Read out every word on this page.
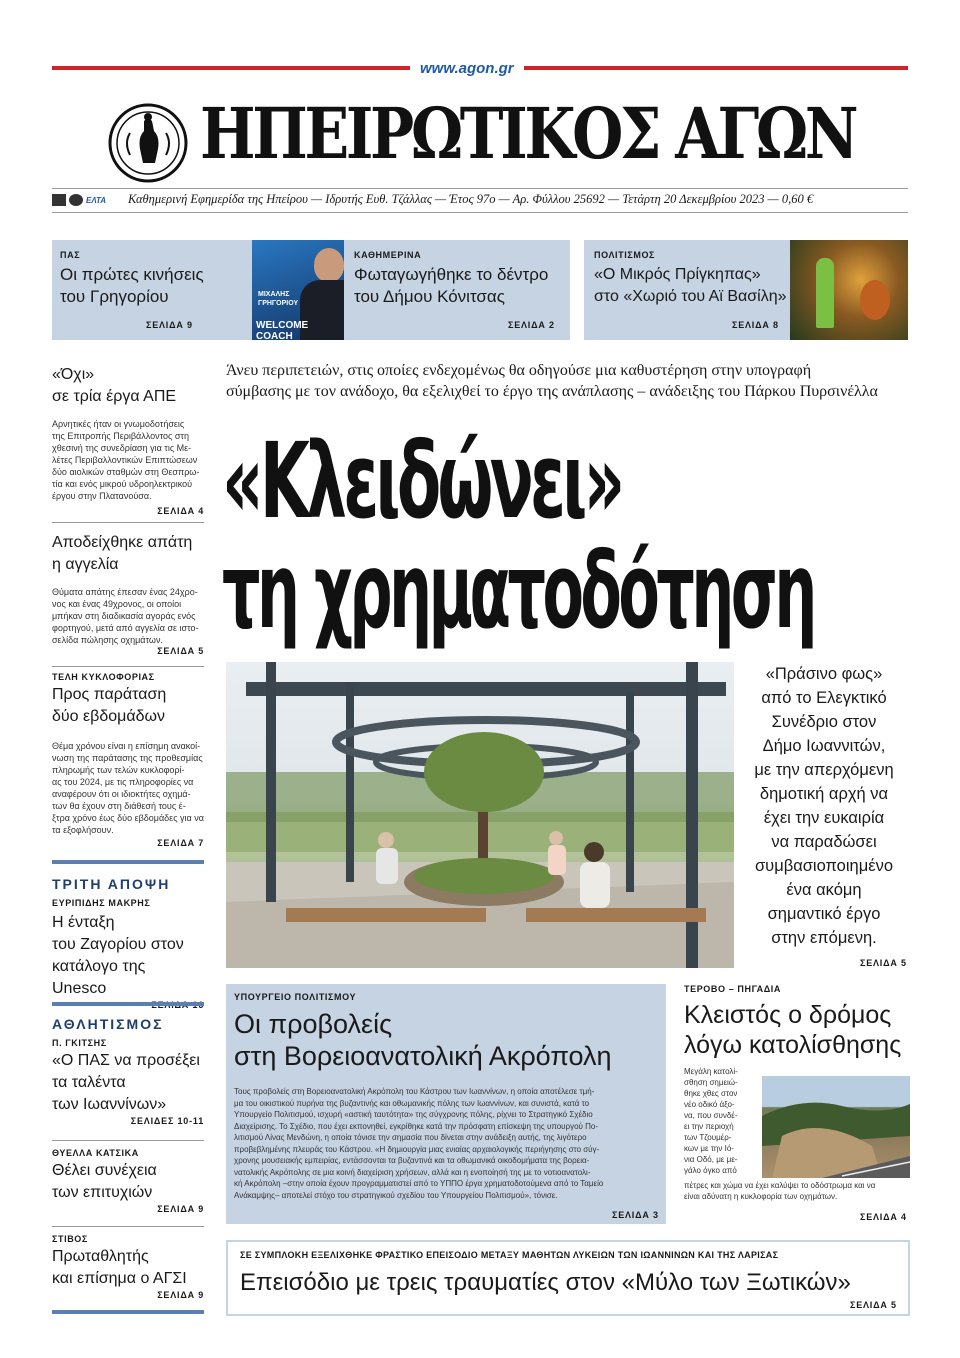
www.agon.gr
ΗΠΕΙΡΩΤΙΚΟΣ ΑΓΩΝ
ΕΛΤΑ Καθημερινή Εφημερίδα της Ηπείρου — Ιδρυτής Ευθ. Τζάλλας — Έτος 97ο — Αρ. Φύλλου 25692 — Τετάρτη 20 Δεκεμβρίου 2023 — 0,60 €
ΠΑΣ
Οι πρώτες κινήσεις
του Γρηγορίου
ΣΕΛΙΔΑ 9
ΜΙΧΑΛΗΣ ΓΡΗΓΟΡΙΟΥ
WELCOME COACH
ΚΑΘΗΜΕΡΙΝΑ
Φωταγωγήθηκε το δέντρο
του Δήμου Κόνιτσας
ΣΕΛΙΔΑ 2
ΠΟΛΙΤΙΣΜΟΣ
«Ο Μικρός Πρίγκηπας»
στο «Χωριό του Αϊ Βασίλη»
ΣΕΛΙΔΑ 8
«Όχι»
σε τρία έργα ΑΠΕ
Αρνητικές ήταν οι γνωμοδοτήσεις
της Επιτροπής Περιβάλλοντος στη
χθεσινή της συνεδρίαση για τις Με-
λέτες Περιβαλλοντικών Επιπτώσεων
δύο αιολικών σταθμών στη Θεσπρω-
τία και ενός μικρού υδροηλεκτρικού
έργου στην Πλατανούσα.
ΣΕΛΙΔΑ 4
Αποδείχθηκε απάτη
η αγγελία
Θύματα απάτης έπεσαν ένας 24χρο-
νος και ένας 49χρονος, οι οποίοι
μπήκαν στη διαδικασία αγοράς ενός
φορτηγού, μετά από αγγελία σε ιστο-
σελίδα πώλησης οχημάτων.
ΣΕΛΙΔΑ 5
ΤΕΛΗ ΚΥΚΛΟΦΟΡΙΑΣ
Προς παράταση
δύο εβδομάδων
Θέμα χρόνου είναι η επίσημη ανακοί-
νωση της παράτασης της προθεσμίας
πληρωμής των τελών κυκλοφορί-
ας του 2024, με τις πληροφορίες να
αναφέρουν ότι οι ιδιοκτήτες οχημά-
των θα έχουν στη διάθεσή τους έ-
ξτρα χρόνο έως δύο εβδομάδες για να
τα εξοφλήσουν.
ΣΕΛΙΔΑ 7
ΤΡΙΤΗ ΑΠΟΨΗ
ΕΥΡΙΠΙΔΗΣ ΜΑΚΡΗΣ
Η ένταξη
του Ζαγορίου στον
κατάλογο της Unesco
ΑΘΛΗΤΙΣΜΟΣ
Π. ΓΚΙΤΣΗΣ
«Ο ΠΑΣ να προσέξει
τα ταλέντα
των Ιωαννίνων»
ΣΕΛΙΔΕΣ 10-11
ΘΥΕΛΛΑ ΚΑΤΣΙΚΑ
Θέλει συνέχεια
των επιτυχιών
ΣΕΛΙΔΑ 9
ΣΤΙΒΟΣ
Πρωταθλητής
και επίσημα ο ΑΓΣΙ
ΣΕΛΙΔΑ 9
Άνευ περιπετειών, στις οποίες ενδεχομένως θα οδηγούσε μια καθυστέρηση στην υπογραφή
σύμβασης με τον ανάδοχο, θα εξελιχθεί το έργο της ανάπλασης – ανάδειξης του Πάρκου Πυρσινέλλα
«Κλειδώνει»
τη χρηματοδότηση
«Πράσινο φως»
από το Ελεγκτικό
Συνέδριο στον
Δήμο Ιωαννιτών,
με την απερχόμενη
δημοτική αρχή να
έχει την ευκαιρία
να παραδώσει
συμβασιοποιημένο
ένα ακόμη
σημαντικό έργο
στην επόμενη.
ΣΕΛΙΔΑ 5
ΥΠΟΥΡΓΕΙΟ ΠΟΛΙΤΙΣΜΟΥ
Οι προβολείς
στη Βορειοανατολική Ακρόπολη
Τους προβολείς στη Βορειοανατολική Ακρόπολη του Κάστρου των Ιωαννίνων, η οποία αποτέλεσε τμή-
μα του οικιστικού πυρήνα της βυζαντινής και οθωμανικής πόλης των Ιωαννίνων, και συνιστά, κατά το
Υπουργείο Πολιτισμού, ισχυρή «αστική ταυτότητα» της σύγχρονης πόλης, ρίχνει το Στρατηγικό Σχέδιο
Διαχείρισης. Το Σχέδιο, που έχει εκπονηθεί, εγκρίθηκε κατά την πρόσφατη επίσκεψη της υπουργού Πο-
λιτισμού Λίνας Μενδώνη, η οποία τόνισε την σημασία που δίνεται στην ανάδειξη αυτής, της λιγότερο
προβεβλημένης πλευράς του Κάστρου. «Η δημιουργία μιας ενιαίας αρχαιολογικής περιήγησης στο σύγ-
χρονης μουσειακής εμπειρίας, εντάσσονται τα βυζαντινά και τα οθωμανικά οικοδομήματα της βορεια-
νατολικής Ακρόπολης σε μια κοινή διαχείριση χρήσεων, αλλά και η ενοποίησή της με το νοτιοανατολι-
κή Ακρόπολη –στην οποία έχουν προγραμματιστεί από το ΥΠΠΟ έργα χρηματοδοτούμενα από το Ταμείο
Ανάκαμψης– αποτελεί στόχο του στρατηγικού σχεδίου του Υπουργείου Πολιτισμού», τόνισε.
ΣΕΛΙΔΑ 3
ΤΕΡΟΒΟ – ΠΗΓΑΔΙΑ
Κλειστός ο δρόμος
λόγω κατολίσθησης
Μεγάλη κατολί-
σθηση σημειώ-
θηκε χθες στον
νέο οδικό άξο-
να, που συνδέ-
ει την περιοχή
των Τζουμέρ-
κων με την Ιό-
νια Οδό, με με-
γάλο όγκο από
πέτρες και χώμα να έχει καλύψει το οδόστρωμα και να
είναι αδύνατη η κυκλοφορία των οχημάτων.
ΣΕΛΙΔΑ 4
ΣΕ ΣΥΜΠΛΟΚΗ ΕΞΕΛΙΧΘΗΚΕ ΦΡΑΣΤΙΚΟ ΕΠΕΙΣΟΔΙΟ ΜΕΤΑΞΥ ΜΑΘΗΤΩΝ ΛΥΚΕΙΩΝ ΤΩΝ ΙΩΑΝΝΙΝΩΝ ΚΑΙ ΤΗΣ ΛΑΡΙΣΑΣ
Επεισόδιο με τρεις τραυματίες στον «Μύλο των Ξωτικών»
ΣΕΛΙΔΑ 5
